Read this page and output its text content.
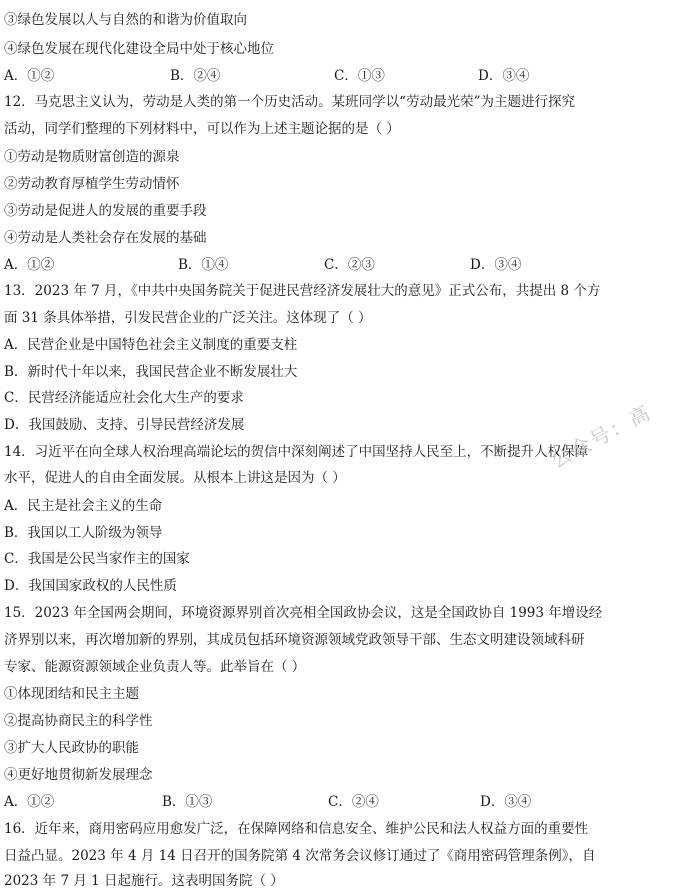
③绿色发展以人与自然的和谐为价值取向
④绿色发展在现代化建设全局中处于核心地位
A．①②	B．②④	C．①③	D．③④
12．马克思主义认为，劳动是人类的第一个历史活动。某班同学以“劳动最光荣”为主题进行探究
活动，同学们整理的下列材料中，可以作为上述主题论据的是（ ）
①劳动是物质财富创造的源泉
②劳动教育厚植学生劳动情怀
③劳动是促进人的发展的重要手段
④劳动是人类社会存在发展的基础
A．①②	B．①④	C．②③	D．③④
13．2023 年 7 月，《中共中央国务院关于促进民营经济发展壮大的意见》正式公布，共提出 8 个方
面 31 条具体举措，引发民营企业的广泛关注。这体现了（ ）
A．民营企业是中国特色社会主义制度的重要支柱
B．新时代十年以来，我国民营企业不断发展壮大
C．民营经济能适应社会化大生产的要求
D．我国鼓励、支持、引导民营经济发展
14．习近平在向全球人权治理高端论坛的贺信中深刻阐述了中国坚持人民至上，不断提升人权保障
水平，促进人的自由全面发展。从根本上讲这是因为（ ）
A．民主是社会主义的生命
B．我国以工人阶级为领导
C．我国是公民当家作主的国家
D．我国国家政权的人民性质
15．2023 年全国两会期间，环境资源界别首次亮相全国政协会议，这是全国政协自 1993 年增设经
济界别以来，再次增加新的界别，其成员包括环境资源领域党政领导干部、生态文明建设领域科研
专家、能源资源领域企业负责人等。此举旨在（ ）
①体现团结和民主主题
②提高协商民主的科学性
③扩大人民政协的职能
④更好地贯彻新发展理念
A．①②	B．①③	C．②④	D．③④
16．近年来，商用密码应用愈发广泛，在保障网络和信息安全、维护公民和法人权益方面的重要性
日益凸显。2023 年 4 月 14 日召开的国务院第 4 次常务会议修订通过了《商用密码管理条例》，自
2023 年 7 月 1 日起施行。这表明国务院（ ）
公众号：高
